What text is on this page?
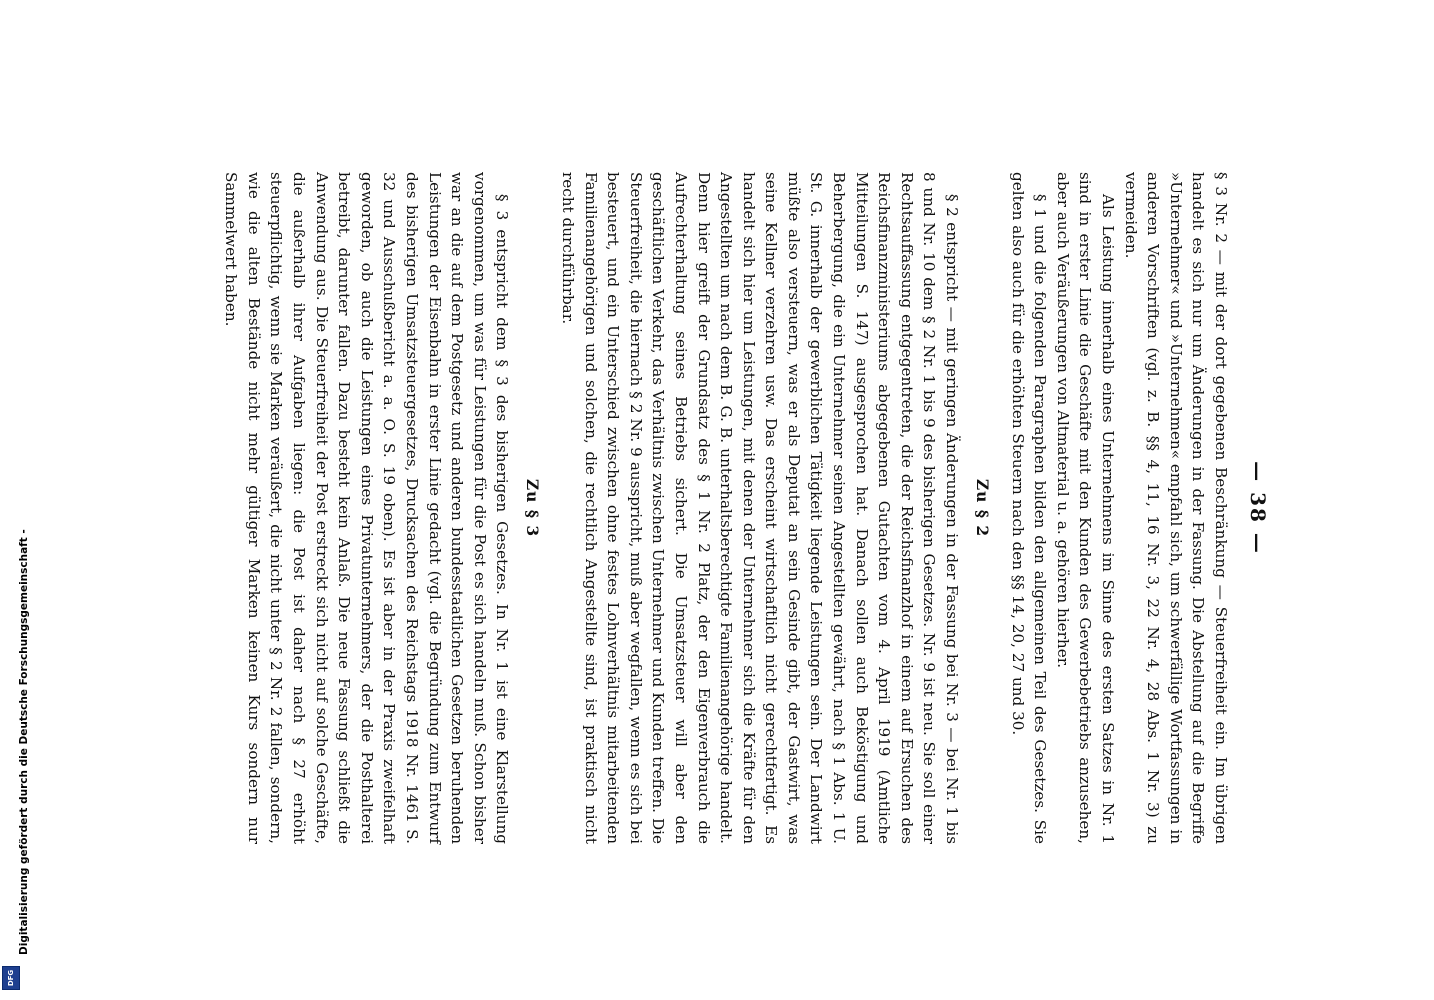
Digitalisierung gefördert durch die Deutsche Forschungsgemeinschaft -
DFG
— 38 —

§ 3 Nr. 2 — mit der dort gegebenen Beschränkung — Steuerfreiheit ein. Im übrigen handelt es sich nur um Änderungen in der Fassung. Die Abstellung auf die Begriffe »Unternehmer« und »Unternehmen« empfahl sich, um schwerfällige Wortfassungen in anderen Vorschriften (vgl. z. B. §§ 4, 11, 16 Nr. 3, 22 Nr. 4, 28 Abs. 1 Nr. 3) zu vermeiden.

Als Leistung innerhalb eines Unternehmens im Sinne des ersten Satzes in Nr. 1 sind in erster Linie die Geschäfte mit den Kunden des Gewerbebetriebs anzusehen, aber auch Veräußerungen von Altmaterial u. a. gehören hierher.

§ 1 und die folgenden Paragraphen bilden den allgemeinen Teil des Gesetzes. Sie gelten also auch für die erhöhten Steuern nach den §§ 14, 20, 27 und 30.

Zu § 2

§ 2 entspricht — mit geringen Änderungen in der Fassung bei Nr. 3 — bei Nr. 1 bis 8 und Nr. 10 dem § 2 Nr. 1 bis 9 des bisherigen Gesetzes. Nr. 9 ist neu. Sie soll einer Rechtsauffassung entgegentreten, die der Reichsfinanzhof in einem auf Ersuchen des Reichsfinanzministeriums abgegebenen Gutachten vom 4. April 1919 (Amtliche Mitteilungen S. 147) ausgesprochen hat. Danach sollen auch Beköstigung und Beherbergung, die ein Unternehmer seinen Angestellten gewährt, nach § 1 Abs. 1 U. St. G. innerhalb der gewerblichen Tätigkeit liegende Leistungen sein. Der Landwirt müßte also versteuern, was er als Deputat an sein Gesinde gibt, der Gastwirt, was seine Kellner verzehren usw. Das erscheint wirtschaftlich nicht gerechtfertigt. Es handelt sich hier um Leistungen, mit denen der Unternehmer sich die Kräfte für den Angestellten um nach dem B. G. B. unterhaltsberechtigte Familienangehörige handelt. Denn hier greift der Grundsatz des § 1 Nr. 2 Platz, der den Eigenverbrauch die Aufrechterhaltung seines Betriebs sichert. Die Umsatzsteuer will aber den geschäftlichen Verkehr, das Verhältnis zwischen Unternehmer und Kunden treffen. Die Steuerfreiheit, die hiernach § 2 Nr. 9 ausspricht, muß aber wegfallen, wenn es sich bei besteuert, und ein Unterschied zwischen ohne festes Lohnverhältnis mitarbeitenden Familienangehörigen und solchen, die rechtlich Angestellte sind, ist praktisch nicht recht durchführbar.

Zu § 3

§ 3 entspricht dem § 3 des bisherigen Gesetzes. In Nr. 1 ist eine Klarstellung vorgenommen, um was für Leistungen für die Post es sich handeln muß. Schon bisher war an die auf dem Postgesetz und anderen bundesstaatlichen Gesetzen beruhenden Leistungen der Eisenbahn in erster Linie gedacht (vgl. die Begründung zum Entwurf des bisherigen Umsatzsteuergesetzes, Drucksachen des Reichstags 1918 Nr. 1461 S. 32 und Ausschußbericht a. a. O. S. 19 oben). Es ist aber in der Praxis zweifelhaft geworden, ob auch die Leistungen eines Privatunternehmers, der die Posthalterei betreibt, darunter fallen. Dazu besteht kein Anlaß. Die neue Fassung schließt die Anwendung aus. Die Steuerfreiheit der Post erstreckt sich nicht auf solche Geschäfte, die außerhalb ihrer Aufgaben liegen: die Post ist daher nach § 27 erhöht steuerpflichtig, wenn sie Marken veräußert, die nicht unter § 2 Nr. 2 fallen, sondern, wie die alten Bestände nicht mehr gültiger Marken keinen Kurs sondern nur Sammelwert haben.
